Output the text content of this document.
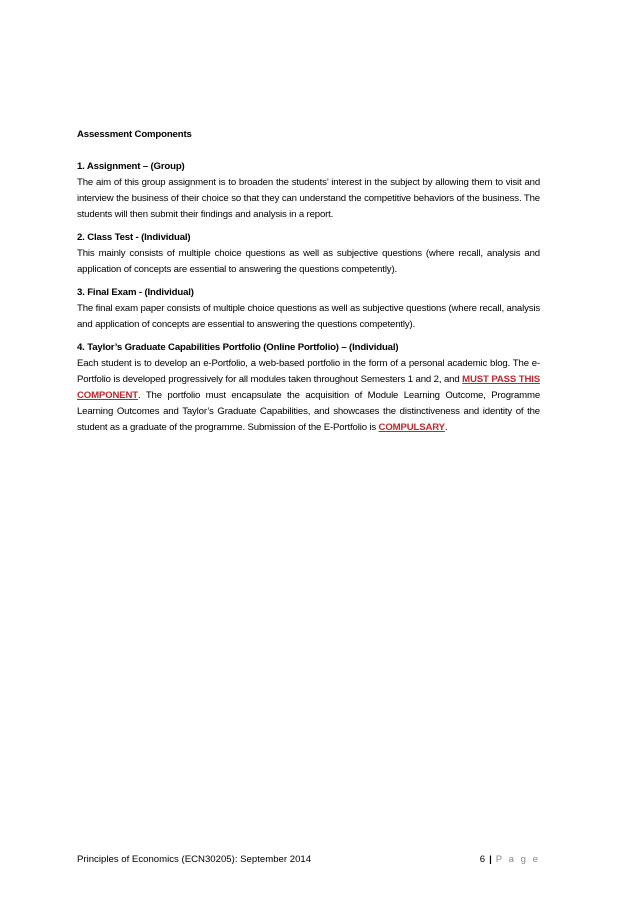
Assessment Components

1. Assignment – (Group)

The aim of this group assignment is to broaden the students’ interest in the subject by allowing them to visit and interview the business of their choice so that they can understand the competitive behaviors of the business. The students will then submit their findings and analysis in a report.

2. Class Test - (Individual)

This mainly consists of multiple choice questions as well as subjective questions (where recall, analysis and application of concepts are essential to answering the questions competently).

3. Final Exam - (Individual)

The final exam paper consists of multiple choice questions as well as subjective questions (where recall, analysis and application of concepts are essential to answering the questions competently).

4. Taylor’s Graduate Capabilities Portfolio (Online Portfolio) – (Individual)

Each student is to develop an e-Portfolio, a web-based portfolio in the form of a personal academic blog. The e-Portfolio is developed progressively for all modules taken throughout Semesters 1 and 2, and MUST PASS THIS COMPONENT. The portfolio must encapsulate the acquisition of Module Learning Outcome, Programme Learning Outcomes and Taylor’s Graduate Capabilities, and showcases the distinctiveness and identity of the student as a graduate of the programme. Submission of the E-Portfolio is COMPULSARY.

Principles of Economics (ECN30205): September 2014	6 | P a g e
